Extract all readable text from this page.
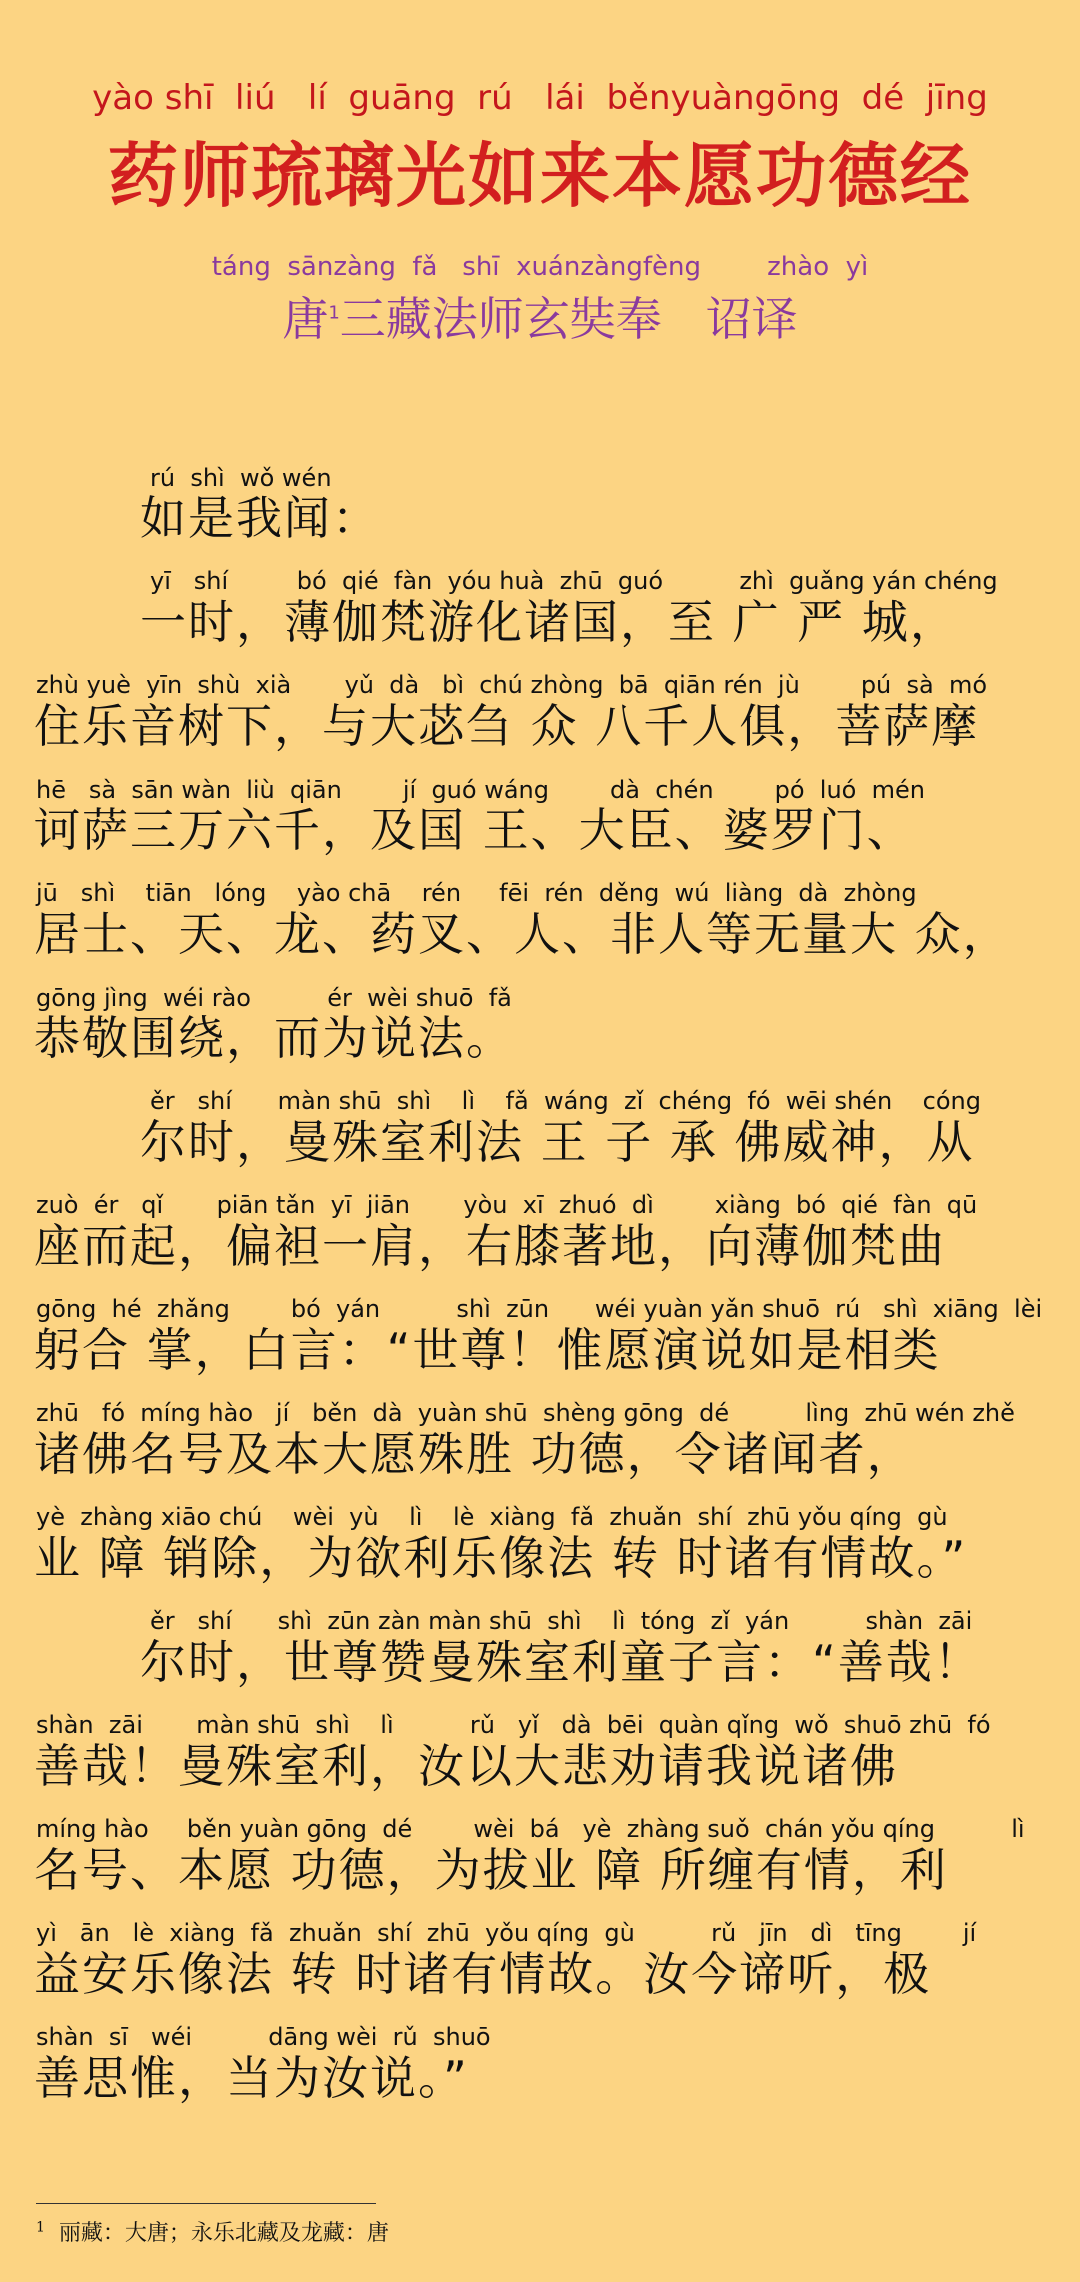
yào shī  liú   lí  guāng  rú   lái  běnyuàngōng  dé  jīng
药师琉璃光如来本愿功德经
táng  sānzàng  fǎ   shī  xuánzàngfèng        zhào  yì
唐$^1$三藏法师玄奘奉   诏译
rú  shì  wǒ wén
如是我闻：
yī   shí         bó  qié  fàn  yóu huà  zhū  guó          zhì  guǎng yán chéng
一时，薄伽梵游化诸国，至 广 严 城，
zhù yuè  yīn  shù  xià       yǔ  dà   bì  chú zhòng  bā  qiān rén  jù        pú  sà  mó
住乐音树下，与大苾刍 众 八千人俱，菩萨摩
hē   sà  sān wàn  liù  qiān        jí  guó wáng        dà  chén        pó  luó  mén
诃萨三万六千，及国 王、大臣、婆罗门、
jū   shì    tiān   lóng    yào chā    rén     fēi  rén  děng  wú  liàng  dà  zhòng
居士、天、龙、药叉、人、非人等无量大 众，
gōng jìng  wéi rào          ér  wèi shuō  fǎ
恭敬围绕，而为说法。
ěr   shí      màn shū  shì    lì    fǎ  wáng  zǐ  chéng  fó  wēi shén    cóng
尔时，曼殊室利法 王 子 承 佛威神，从
zuò  ér   qǐ       piān tǎn  yī  jiān       yòu  xī  zhuó  dì        xiàng  bó  qié  fàn  qū
座而起，偏袒一肩，右膝著地，向薄伽梵曲
gōng  hé  zhǎng        bó  yán          shì  zūn      wéi yuàn yǎn shuō  rú   shì  xiāng  lèi
躬合 掌，白言：“世尊！惟愿演说如是相类
zhū   fó  míng hào   jí   běn  dà  yuàn shū  shèng gōng  dé          lìng  zhū wén zhě
诸佛名号及本大愿殊胜 功德，令诸闻者，
yè  zhàng xiāo chú    wèi  yù    lì    lè  xiàng  fǎ  zhuǎn  shí  zhū yǒu qíng  gù
业 障 销除，为欲利乐像法 转 时诸有情故。”
ěr   shí      shì  zūn zàn màn shū  shì    lì  tóng  zǐ  yán          shàn  zāi
尔时，世尊赞曼殊室利童子言：“善哉！
shàn  zāi       màn shū  shì    lì          rǔ   yǐ   dà  bēi  quàn qǐng  wǒ  shuō zhū  fó
善哉！曼殊室利，汝以大悲劝请我说诸佛
míng hào     běn yuàn gōng  dé        wèi  bá   yè  zhàng suǒ  chán yǒu qíng          lì
名号、本愿 功德，为拔业 障 所缠有情，利
yì   ān   lè  xiàng  fǎ  zhuǎn  shí  zhū  yǒu qíng  gù          rǔ   jīn   dì   tīng        jí
益安乐像法 转 时诸有情故。汝今谛听，极
shàn  sī   wéi          dāng wèi  rǔ  shuō
善思惟，当为汝说。”
$^1$ 丽藏：大唐；永乐北藏及龙藏：唐
